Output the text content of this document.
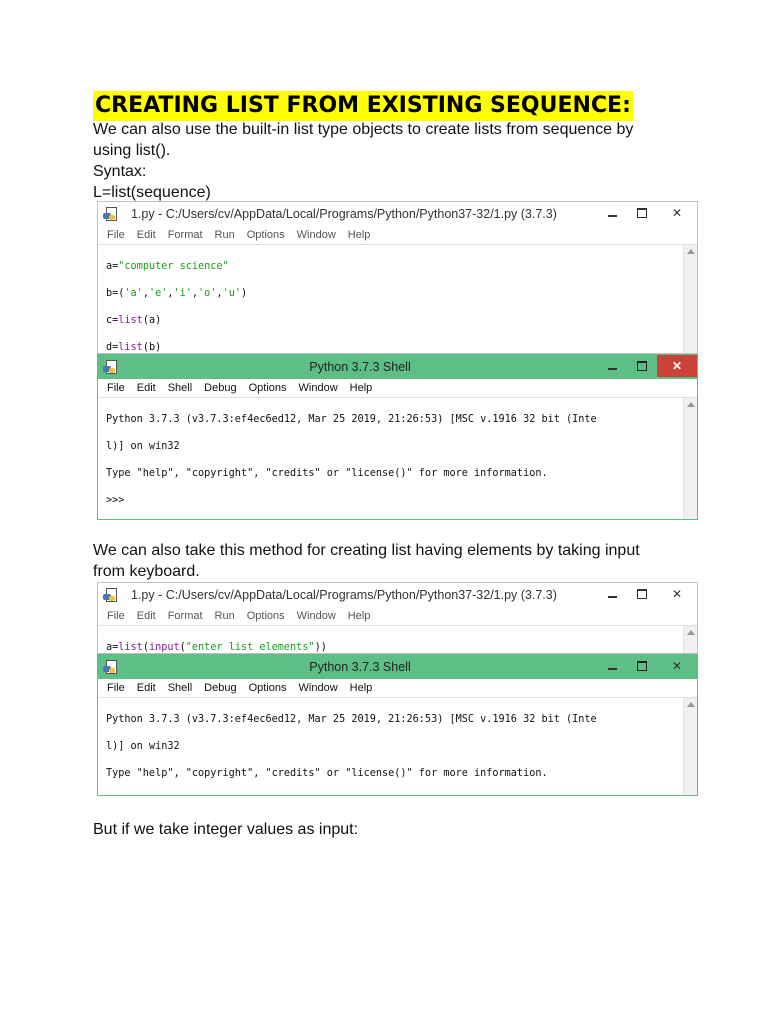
CREATING LIST FROM EXISTING SEQUENCE:
We can also use the built-in list type objects to create lists from sequence by
using list().
Syntax:
L=list(sequence)
1.py - C:/Users/cv/AppData/Local/Programs/Python/Python37-32/1.py (3.7.3)	✕
File Edit Format Run Options Window Help

a="computer science"

b=('a','e','i','o','u')

c=list(a)

d=list(b)

Python 3.7.3 Shell	✕
File Edit Shell Debug Options Window Help

Python 3.7.3 (v3.7.3:ef4ec6ed12, Mar 25 2019, 21:26:53) [MSC v.1916 32 bit (Inte

l)] on win32

Type "help", "copyright", "credits" or "license()" for more information.

>>>

We can also take this method for creating list having elements by taking input
from keyboard.
1.py - C:/Users/cv/AppData/Local/Programs/Python/Python37-32/1.py (3.7.3)	✕
File Edit Format Run Options Window Help

a=list(input("enter list elements"))

Python 3.7.3 Shell	✕
File Edit Shell Debug Options Window Help

Python 3.7.3 (v3.7.3:ef4ec6ed12, Mar 25 2019, 21:26:53) [MSC v.1916 32 bit (Inte

l)] on win32

Type "help", "copyright", "credits" or "license()" for more information.

But if we take integer values as input:
